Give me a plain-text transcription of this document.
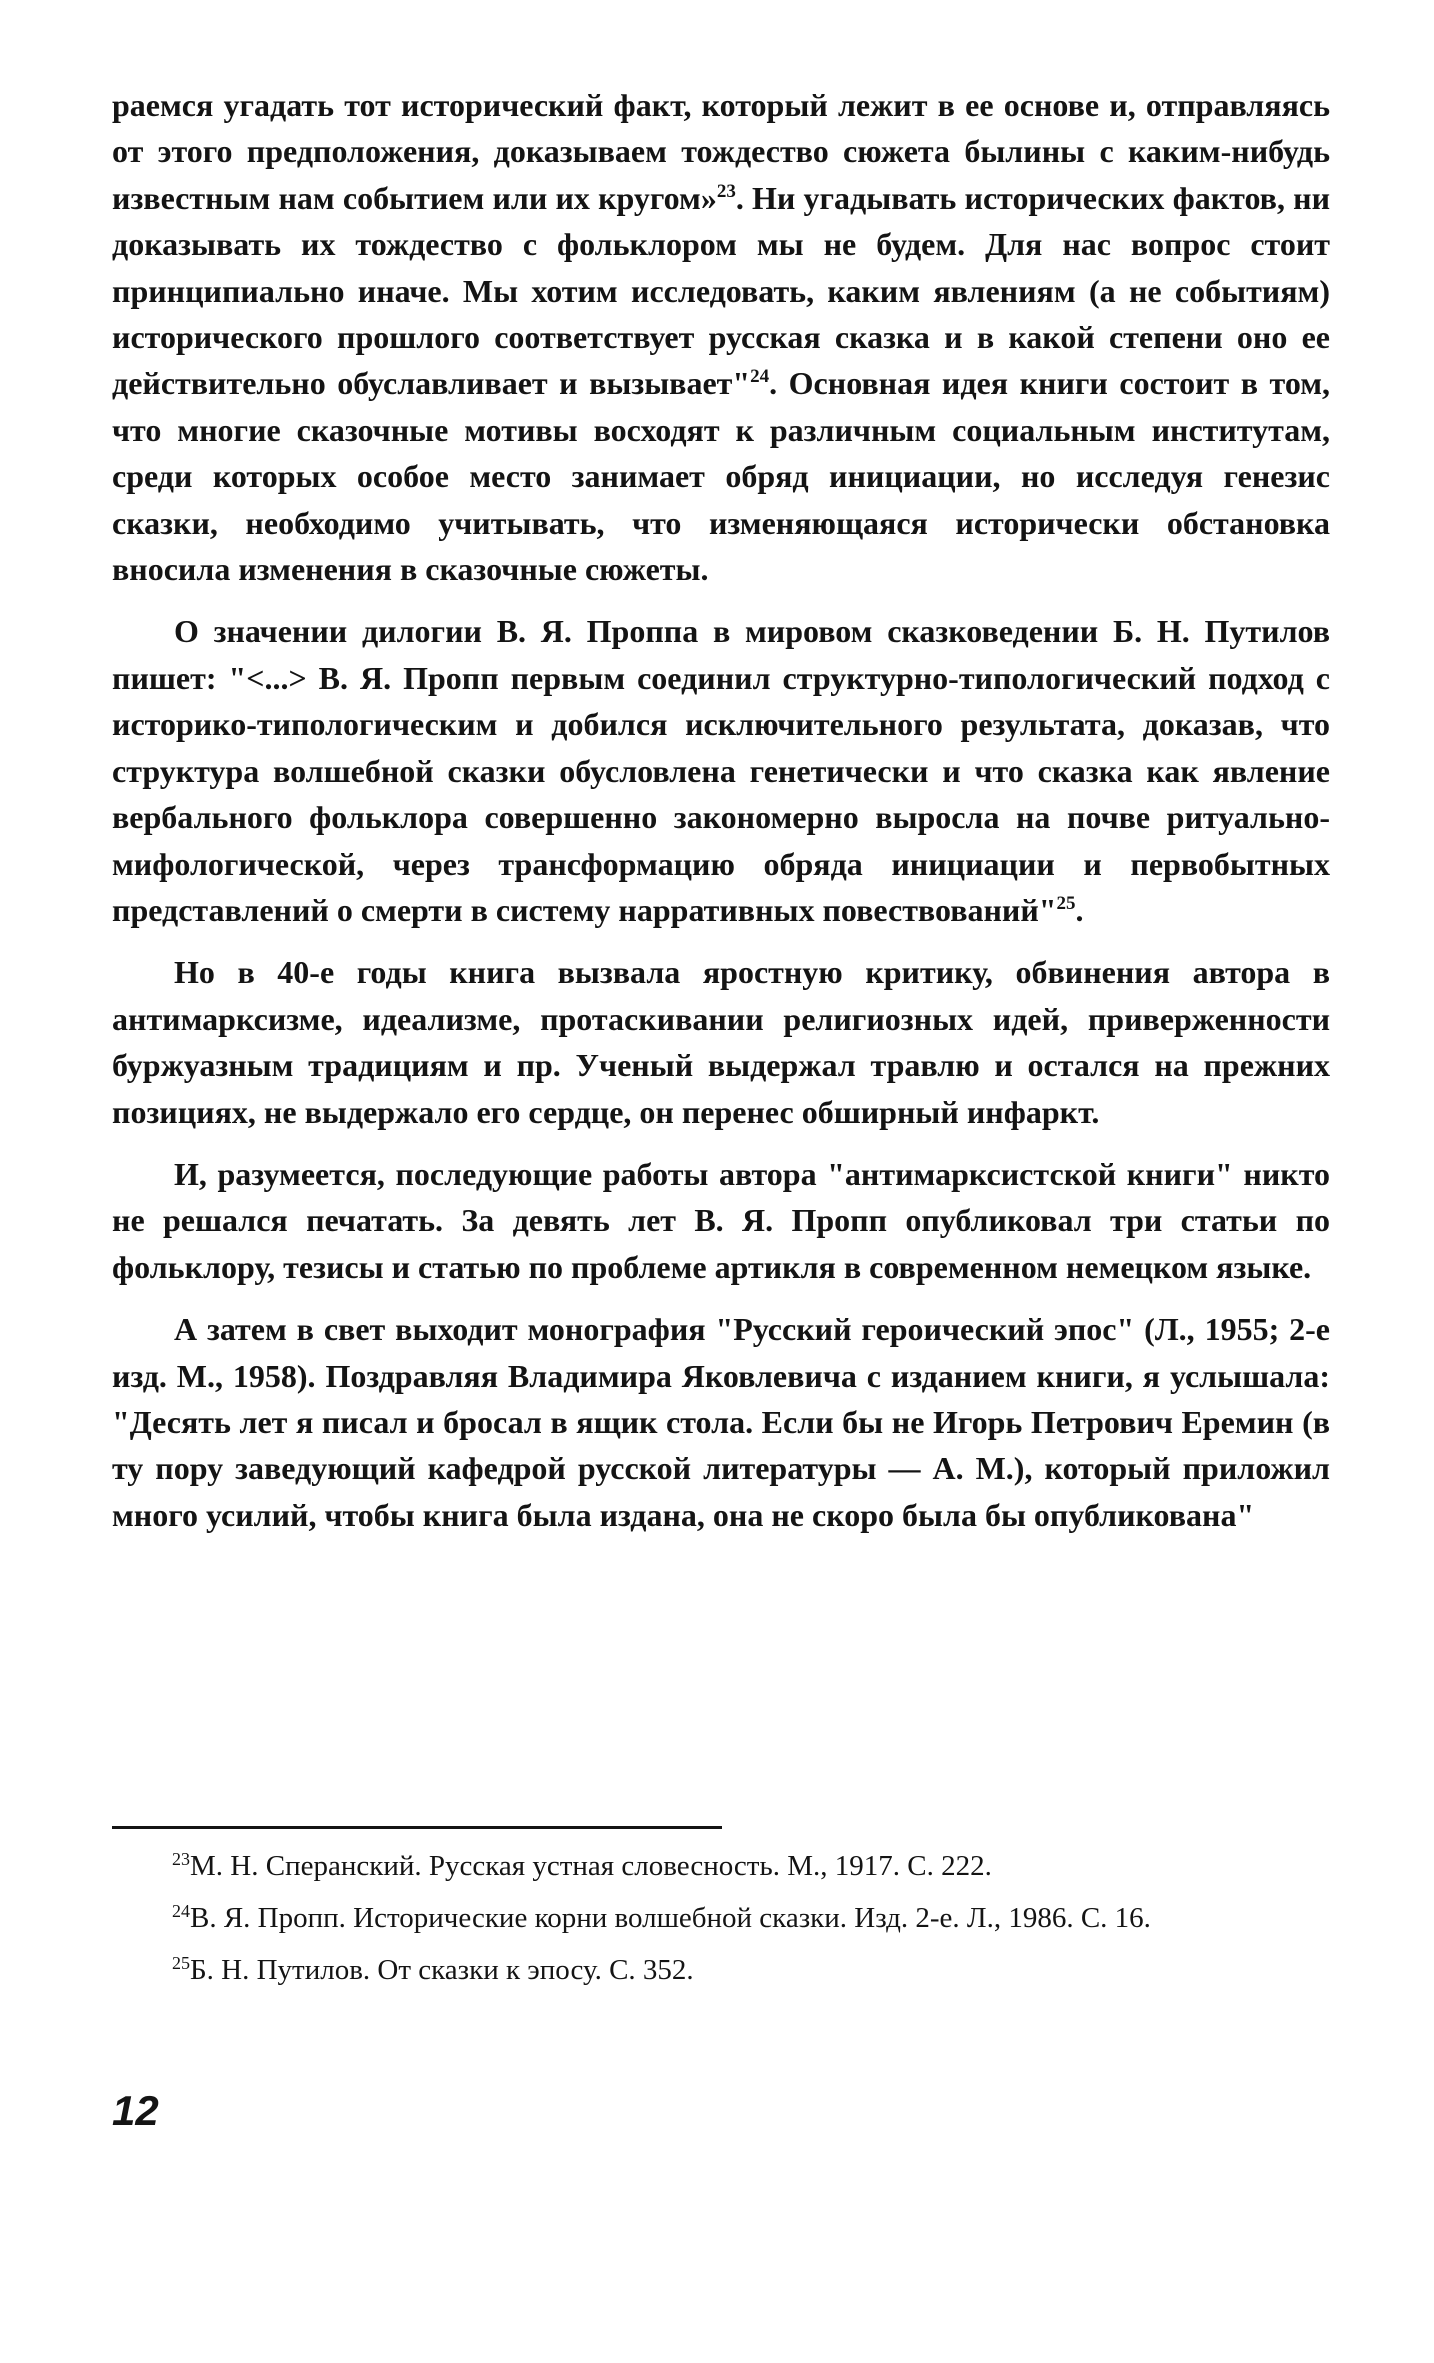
раемся угадать тот исторический факт, который лежит в ее основе и, отправляясь от этого предположения, доказываем тождество сюжета былины с каким-нибудь известным нам событием или их кругом»$^{23}$. Ни угадывать исторических фактов, ни доказывать их тождество с фольклором мы не будем. Для нас вопрос стоит принципиально иначе. Мы хотим исследовать, каким явлениям (а не событиям) исторического прошлого соответствует русская сказка и в какой степени оно ее действительно обуславливает и вызывает"$^{24}$. Основная идея книги состоит в том, что многие сказочные мотивы восходят к различным социальным институтам, среди которых особое место занимает обряд инициации, но исследуя генезис сказки, необходимо учитывать, что изменяющаяся исторически обстановка вносила изменения в сказочные сюжеты.

О значении дилогии В. Я. Проппа в мировом сказковедении Б. Н. Путилов пишет: "<...> В. Я. Пропп первым соединил структурно-типологический подход с историко-типологическим и добился исключительного результата, доказав, что структура волшебной сказки обусловлена генетически и что сказка как явление вербального фольклора совершенно закономерно выросла на почве ритуально-мифологической, через трансформацию обряда инициации и первобытных представлений о смерти в систему нарративных повествований"$^{25}$.

Но в 40-е годы книга вызвала яростную критику, обвинения автора в антимарксизме, идеализме, протаскивании религиозных идей, приверженности буржуазным традициям и пр. Ученый выдержал травлю и остался на прежних позициях, не выдержало его сердце, он перенес обширный инфаркт.

И, разумеется, последующие работы автора "антимарксистской книги" никто не решался печатать. За девять лет В. Я. Пропп опубликовал три статьи по фольклору, тезисы и статью по проблеме артикля в современном немецком языке.

А затем в свет выходит монография "Русский героический эпос" (Л., 1955; 2-е изд. М., 1958). Поздравляя Владимира Яковлевича с изданием книги, я услышала: "Десять лет я писал и бросал в ящик стола. Если бы не Игорь Петрович Еремин (в ту пору заведующий кафедрой русской литературы — А. М.), который приложил много усилий, чтобы книга была издана, она не скоро была бы опубликована"

$^{23}$М. Н. Сперанский. Русская устная словесность. М., 1917. С. 222.

$^{24}$В. Я. Пропп. Исторические корни волшебной сказки. Изд. 2-е. Л., 1986. С. 16.

$^{25}$Б. Н. Путилов. От сказки к эпосу. С. 352.

12
